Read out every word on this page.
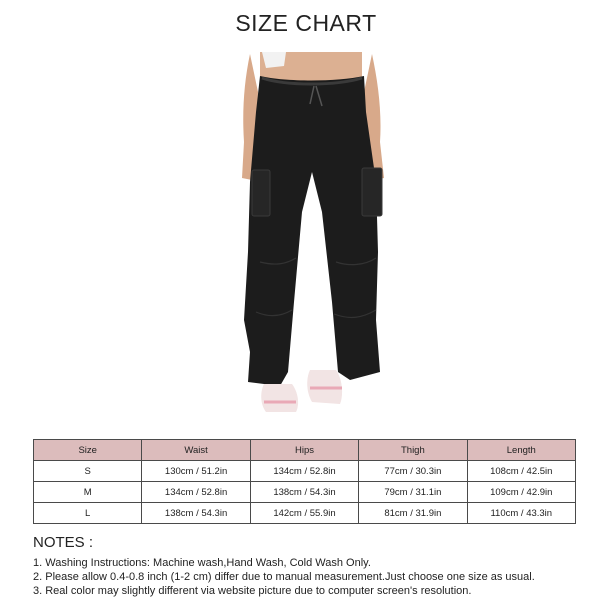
SIZE CHART
Size	Waist	Hips	Thigh	Length
S	130cm / 51.2in	134cm / 52.8in	77cm / 30.3in	108cm / 42.5in
M	134cm / 52.8in	138cm / 54.3in	79cm / 31.1in	109cm / 42.9in
L	138cm / 54.3in	142cm / 55.9in	81cm / 31.9in	110cm / 43.3in
NOTES :
1. Washing Instructions: Machine wash,Hand Wash, Cold Wash Only.
2. Please allow 0.4-0.8 inch (1-2 cm) differ due to manual measurement.Just choose one size as usual.
3. Real color may slightly different via website picture due to computer screen's resolution.
